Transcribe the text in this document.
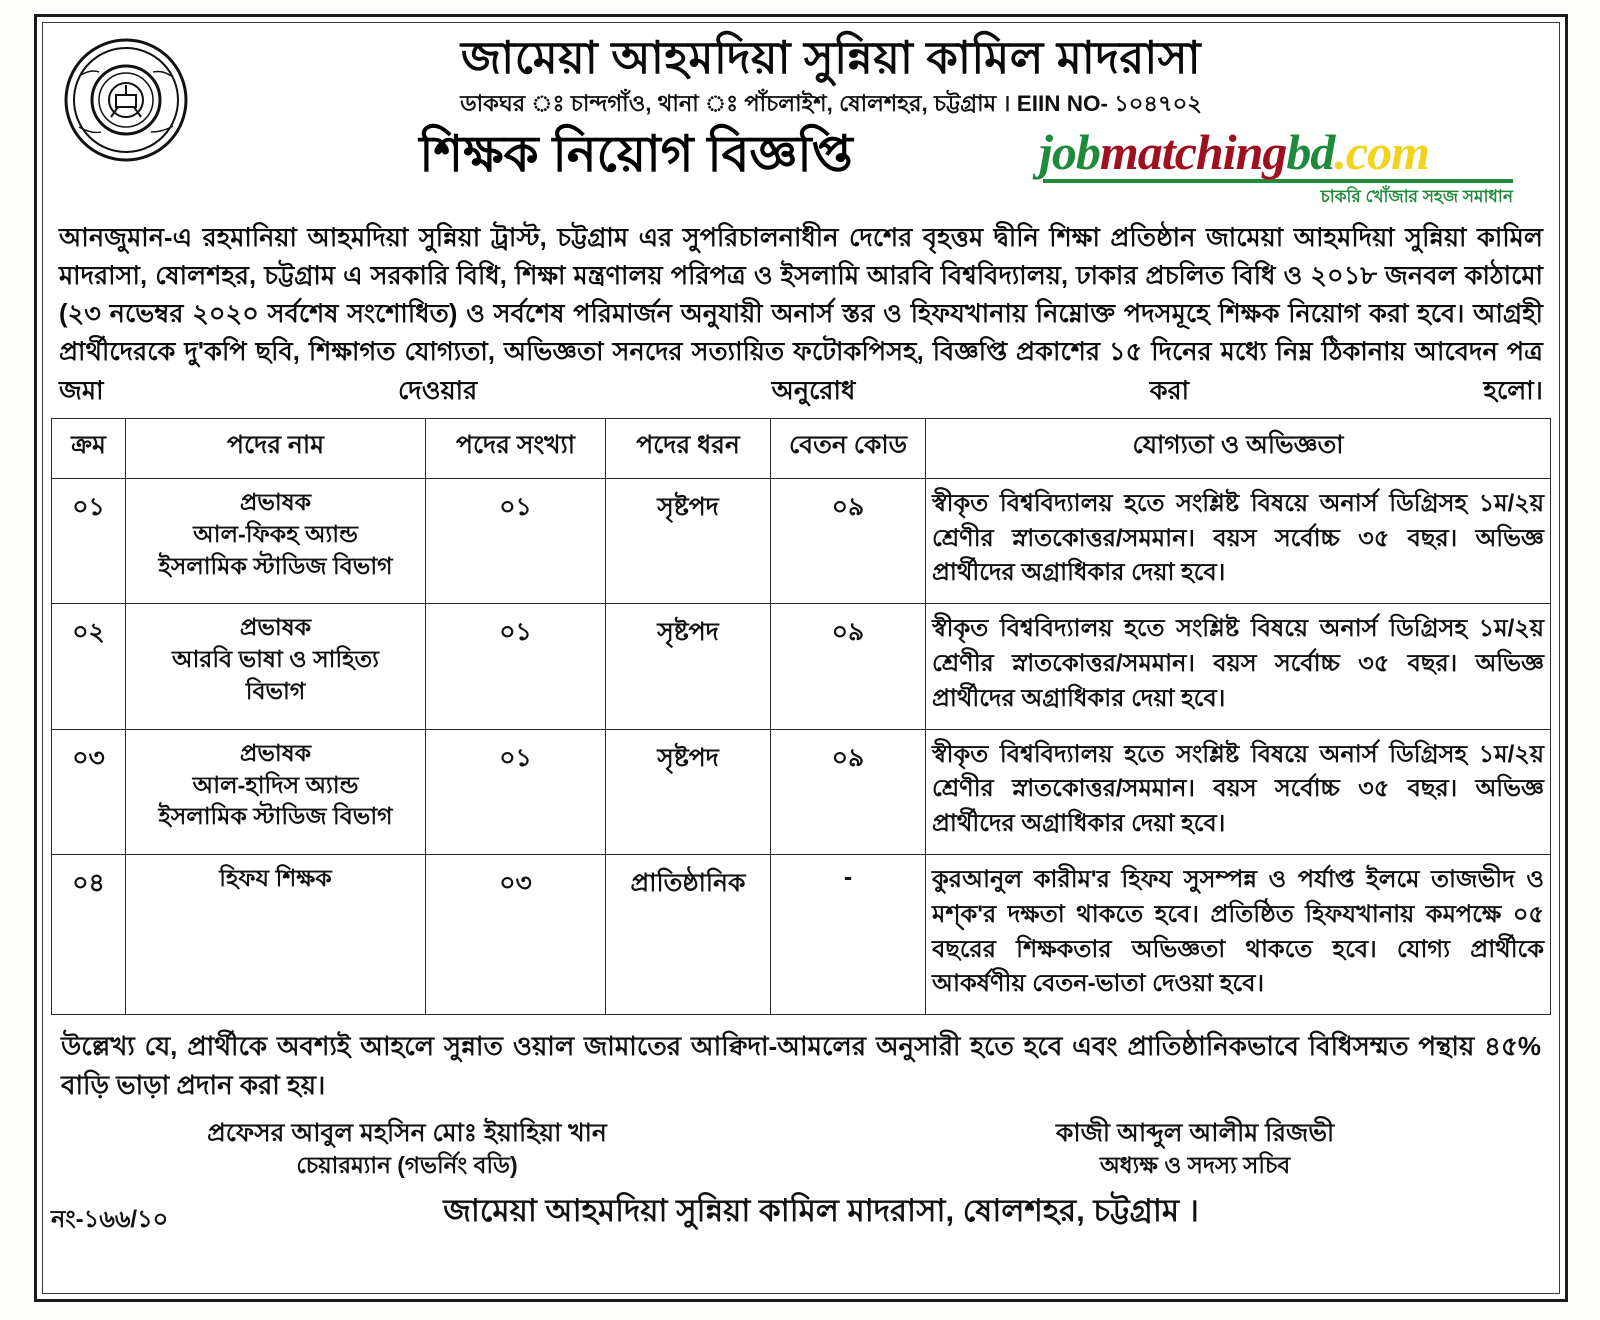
জামেয়া আহমদিয়া সুন্নিয়া কামিল মাদরাসা
ডাকঘর ঃ চান্দগাঁও, থানা ঃ পাঁচলাইশ, ষোলশহর, চট্টগ্রাম । EIIN NO- ১০৪৭০২
শিক্ষক নিয়োগ বিজ্ঞপ্তি	jobmatchingbd.com
চাকরি খোঁজার সহজ সমাধান
আনজুমান-এ রহমানিয়া আহমদিয়া সুন্নিয়া ট্রাস্ট, চট্টগ্রাম এর সুপরিচালনাধীন দেশের বৃহত্তম দ্বীনি শিক্ষা প্রতিষ্ঠান জামেয়া আহমদিয়া সুন্নিয়া কামিল মাদরাসা, ষোলশহর, চট্টগ্রাম এ সরকারি বিধি, শিক্ষা মন্ত্রণালয় পরিপত্র ও ইসলামি আরবি বিশ্ববিদ্যালয়, ঢাকার প্রচলিত বিধি ও ২০১৮ জনবল কাঠামো (২৩ নভেম্বর ২০২০ সর্বশেষ সংশোধিত) ও সর্বশেষ পরিমার্জন অনুযায়ী অনার্স স্তর ও হিফযখানায় নিম্নোক্ত পদসমূহে শিক্ষক নিয়োগ করা হবে। আগ্রহী প্রার্থীদেরকে দু'কপি ছবি, শিক্ষাগত যোগ্যতা, অভিজ্ঞতা সনদের সত্যায়িত ফটোকপিসহ, বিজ্ঞপ্তি প্রকাশের ১৫ দিনের মধ্যে নিম্ন ঠিকানায় আবেদন পত্র জমা দেওয়ার অনুরোধ করা হলো।
ক্রম	পদের নাম	পদের সংখ্যা	পদের ধরন	বেতন কোড	যোগ্যতা ও অভিজ্ঞতা
০১	প্রভাষক
আল-ফিকহ অ্যান্ড
ইসলামিক স্টাডিজ বিভাগ	০১	সৃষ্টপদ	০৯	স্বীকৃত বিশ্ববিদ্যালয় হতে সংশ্লিষ্ট বিষয়ে অনার্স ডিগ্রিসহ ১ম/২য় শ্রেণীর স্নাতকোত্তর/সমমান। বয়স সর্বোচ্চ ৩৫ বছর। অভিজ্ঞ প্রার্থীদের অগ্রাধিকার দেয়া হবে।
০২	প্রভাষক
আরবি ভাষা ও সাহিত্য
বিভাগ	০১	সৃষ্টপদ	০৯	স্বীকৃত বিশ্ববিদ্যালয় হতে সংশ্লিষ্ট বিষয়ে অনার্স ডিগ্রিসহ ১ম/২য় শ্রেণীর স্নাতকোত্তর/সমমান। বয়স সর্বোচ্চ ৩৫ বছর। অভিজ্ঞ প্রার্থীদের অগ্রাধিকার দেয়া হবে।
০৩	প্রভাষক
আল-হাদিস অ্যান্ড
ইসলামিক স্টাডিজ বিভাগ	০১	সৃষ্টপদ	০৯	স্বীকৃত বিশ্ববিদ্যালয় হতে সংশ্লিষ্ট বিষয়ে অনার্স ডিগ্রিসহ ১ম/২য় শ্রেণীর স্নাতকোত্তর/সমমান। বয়স সর্বোচ্চ ৩৫ বছর। অভিজ্ঞ প্রার্থীদের অগ্রাধিকার দেয়া হবে।
০৪	হিফয শিক্ষক	০৩	প্রাতিষ্ঠানিক	-	কুরআনুল কারীম'র হিফয সুসম্পন্ন ও পর্যাপ্ত ইলমে তাজভীদ ও মশ্‌ক'র দক্ষতা থাকতে হবে। প্রতিষ্ঠিত হিফযখানায় কমপক্ষে ০৫ বছরের শিক্ষকতার অভিজ্ঞতা থাকতে হবে। যোগ্য প্রার্থীকে আকর্ষণীয় বেতন-ভাতা দেওয়া হবে।
উল্লেখ্য যে, প্রার্থীকে অবশ্যই আহলে সুন্নাত ওয়াল জামাতের আক্বিদা-আমলের অনুসারী হতে হবে এবং প্রাতিষ্ঠানিকভাবে বিধিসম্মত পন্থায় ৪৫% বাড়ি ভাড়া প্রদান করা হয়।
প্রফেসর আবুল মহসিন মোঃ ইয়াহিয়া খান
চেয়ারম্যান (গভর্নিং বডি)
কাজী আব্দুল আলীম রিজভী
অধ্যক্ষ ও সদস্য সচিব
নং-১৬৬/১০	জামেয়া আহমদিয়া সুন্নিয়া কামিল মাদরাসা, ষোলশহর, চট্টগ্রাম ।
